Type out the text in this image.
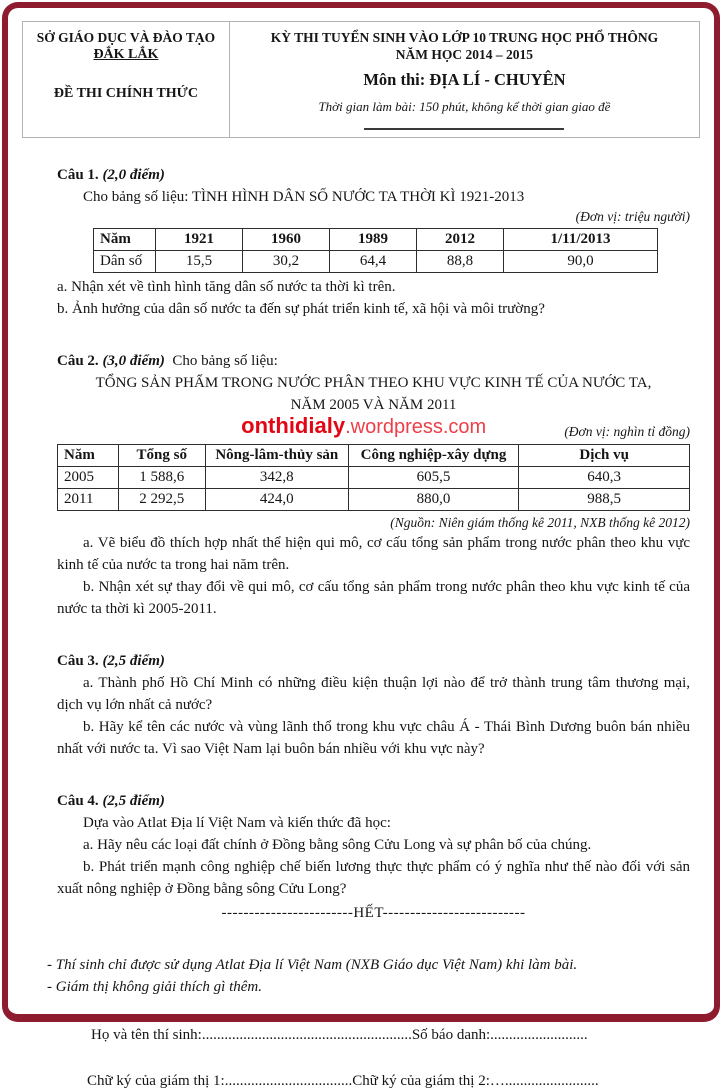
SỞ GIÁO DỤC VÀ ĐÀO TẠO
ĐẮK LẮK
ĐỀ THI CHÍNH THỨC
KỲ THI TUYỂN SINH VÀO LỚP 10 TRUNG HỌC PHỔ THÔNG
NĂM HỌC 2014 – 2015
Môn thi: ĐỊA LÍ - CHUYÊN
Thời gian làm bài: 150 phút, không kể thời gian giao đề
Câu 1. (2,0 điểm)
Cho bảng số liệu: TÌNH HÌNH DÂN SỐ NƯỚC TA THỜI KÌ 1921-2013
(Đơn vị: triệu người)
Năm	1921	1960	1989	2012	1/11/2013
Dân số	15,5	30,2	64,4	88,8	90,0
a. Nhận xét về tình hình tăng dân số nước ta thời kì trên.
b. Ảnh hưởng của dân số nước ta đến sự phát triển kinh tế, xã hội và môi trường?
Câu 2. (3,0 điểm) Cho bảng số liệu:
TỔNG SẢN PHẨM TRONG NƯỚC PHÂN THEO KHU VỰC KINH TẾ CỦA NƯỚC TA,
NĂM 2005 VÀ NĂM 2011
onthidialy.wordpress.com	(Đơn vị: nghìn tỉ đồng)
Năm	Tổng số	Nông-lâm-thủy sản	Công nghiệp-xây dựng	Dịch vụ
2005	1 588,6	342,8	605,5	640,3
2011	2 292,5	424,0	880,0	988,5
(Nguồn: Niên giám thống kê 2011, NXB thống kê 2012)
a. Vẽ biểu đồ thích hợp nhất thể hiện qui mô, cơ cấu tổng sản phẩm trong nước phân theo khu vực kinh tế của nước ta trong hai năm trên.
b. Nhận xét sự thay đổi về qui mô, cơ cấu tổng sản phẩm trong nước phân theo khu vực kinh tế của nước ta thời kì 2005-2011.
Câu 3. (2,5 điểm)
a. Thành phố Hồ Chí Minh có những điều kiện thuận lợi nào để trở thành trung tâm thương mại, dịch vụ lớn nhất cả nước?
b. Hãy kể tên các nước và vùng lãnh thổ trong khu vực châu Á - Thái Bình Dương buôn bán nhiều nhất với nước ta. Vì sao Việt Nam lại buôn bán nhiều với khu vực này?
Câu 4. (2,5 điểm)
Dựa vào Atlat Địa lí Việt Nam và kiến thức đã học:
a. Hãy nêu các loại đất chính ở Đồng bằng sông Cửu Long và sự phân bố của chúng.
b. Phát triển mạnh công nghiệp chế biến lương thực thực phẩm có ý nghĩa như thế nào đối với sản xuất nông nghiệp ở Đồng bằng sông Cửu Long?
------------------------HẾT--------------------------
- Thí sinh chỉ được sử dụng Atlat Địa lí Việt Nam (NXB Giáo dục Việt Nam) khi làm bài.
- Giám thị không giải thích gì thêm.
Họ và tên thí sinh:........................................................Số báo danh:..........................
Chữ ký của giám thị 1:..................................Chữ ký của giám thị 2:….........................
